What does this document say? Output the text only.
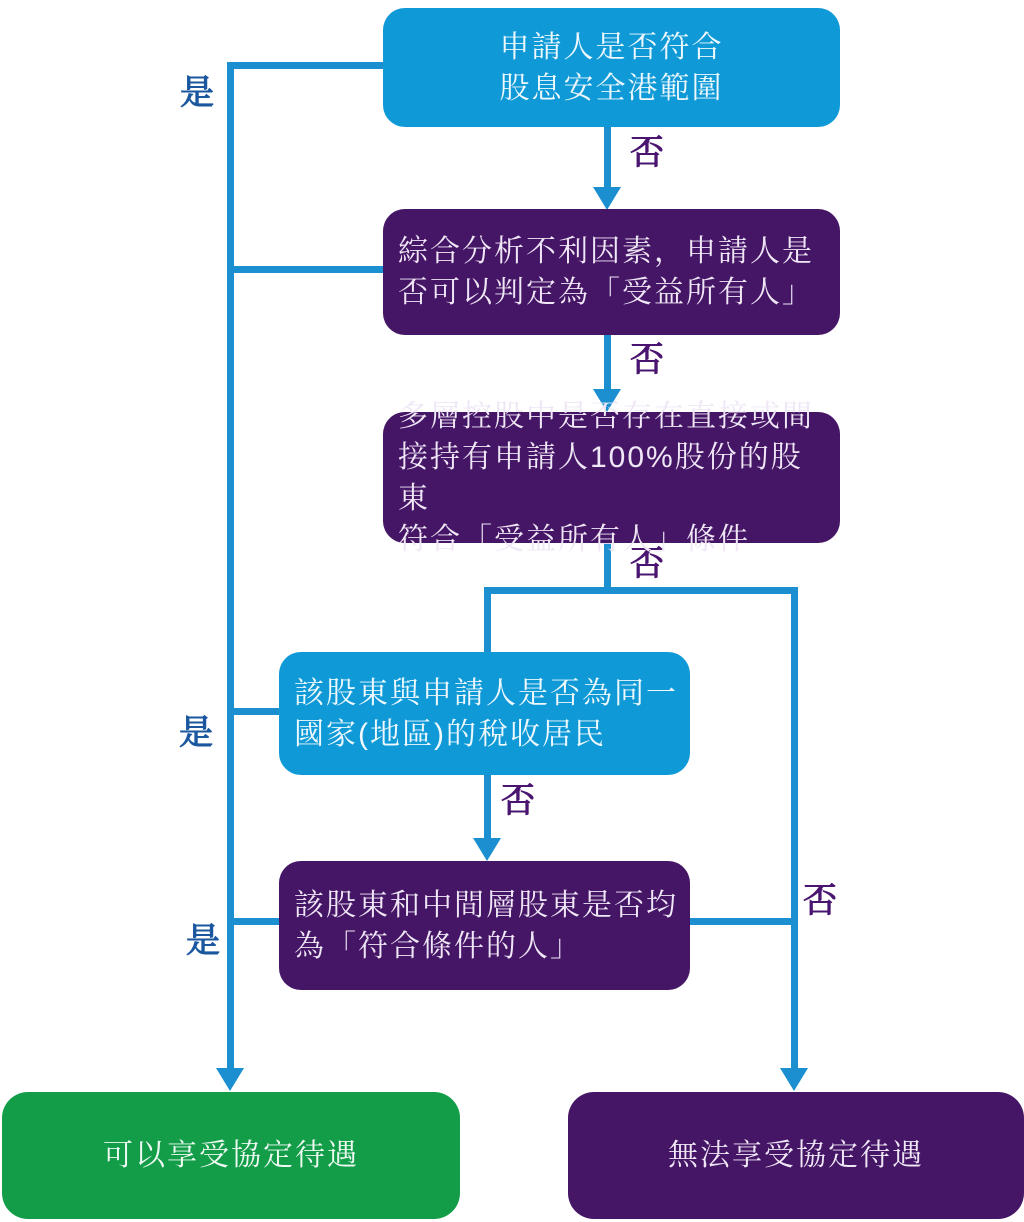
是
否
否
否
是
否
是
否
申請人是否符合
股息安全港範圍
綜合分析不利因素，申請人是
否可以判定為「受益所有人」
多層控股中是否存在直接或間
接持有申請人100%股份的股東
符合「受益所有人」條件
該股東與申請人是否為同一
國家(地區)的稅收居民
該股東和中間層股東是否均
為「符合條件的人」
可以享受協定待遇	無法享受協定待遇
